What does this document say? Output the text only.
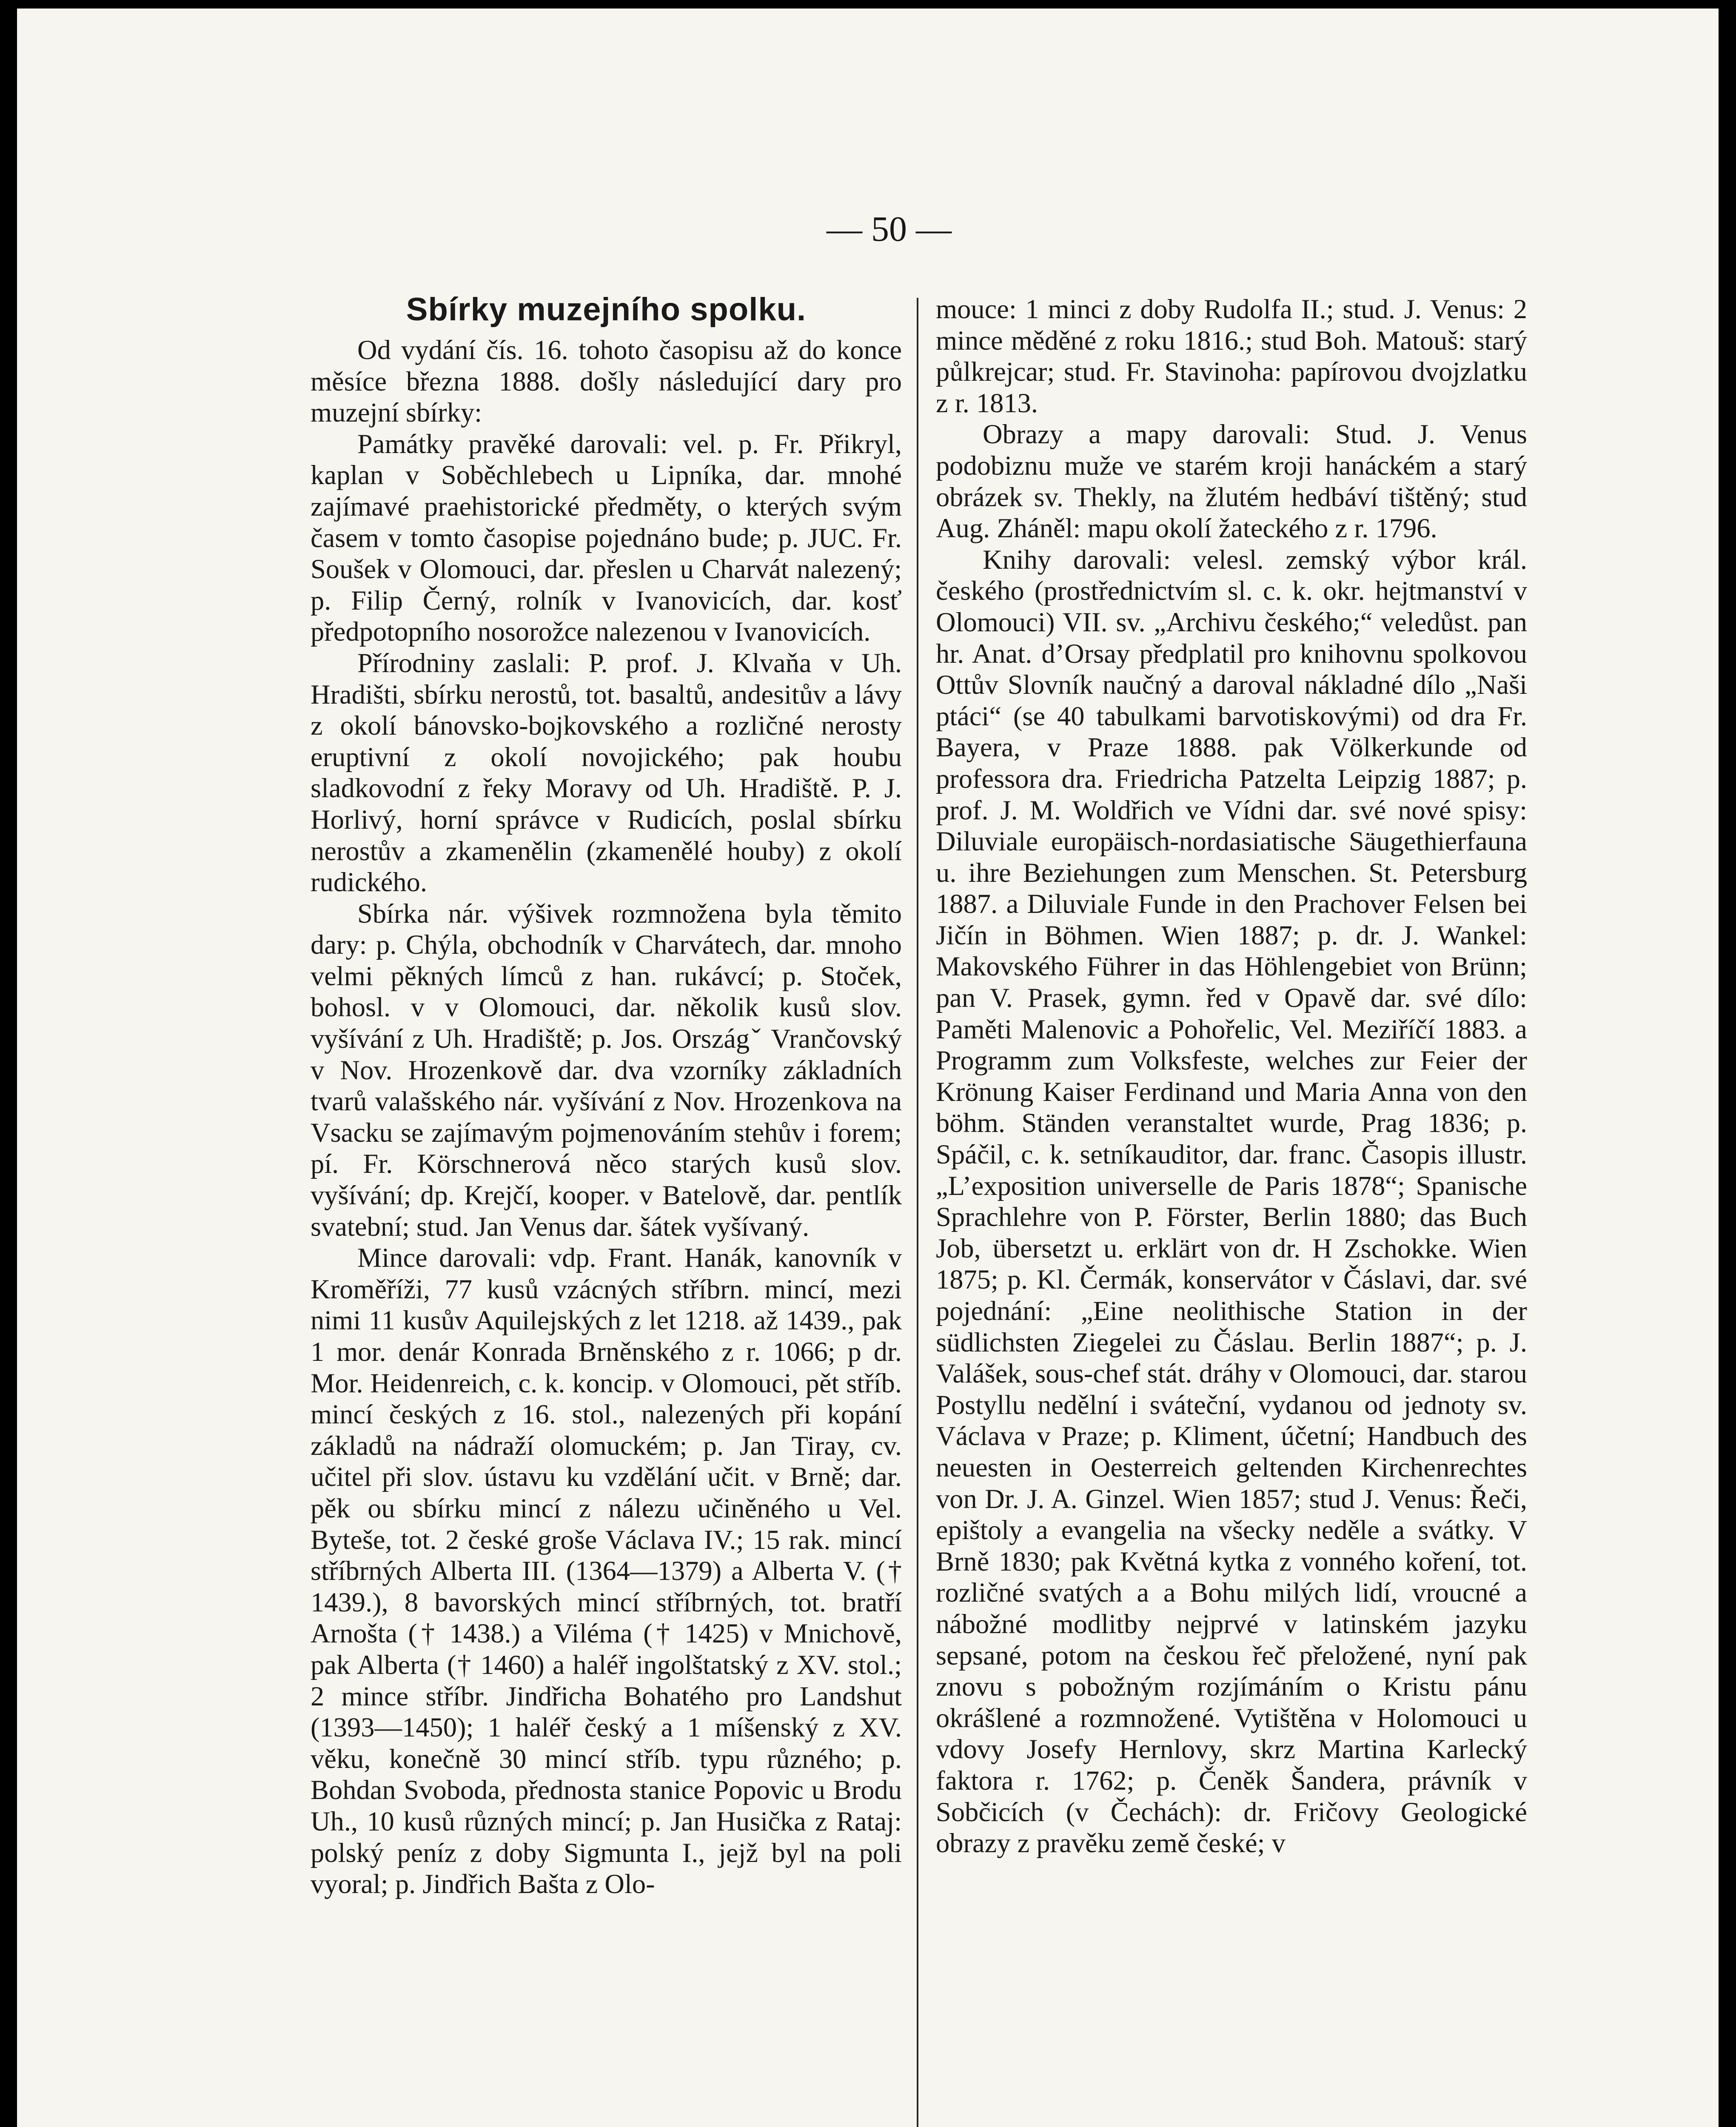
— 50 —
Sbírky muzejního spolku.

Od vydání čís. 16. tohoto časopisu až do konce měsíce března 1888. došly následující dary pro muzejní sbírky:

Památky pravěké darovali: vel. p. Fr. Přikryl, kaplan v Soběchlebech u Lipníka, dar. mnohé zajímavé praehistorické předměty, o kterých svým časem v tomto časopise pojednáno bude; p. JUC. Fr. Soušek v Olomouci, dar. přeslen u Charvát nalezený; p. Filip Černý, rolník v Ivanovicích, dar. kosť předpotopního nosorožce nalezenou v Ivanovicích.

Přírodniny zaslali: P. prof. J. Klvaňa v Uh. Hradišti, sbírku nerostů, tot. basaltů, andesitův a lávy z okolí bánovsko-bojkovského a rozličné nerosty eruptivní z okolí novojického; pak houbu sladkovodní z řeky Moravy od Uh. Hradiště. P. J. Horlivý, horní správce v Rudicích, poslal sbírku nerostův a zkamenělin (zkamenělé houby) z okolí rudického.

Sbírka nár. výšivek rozmnožena byla těmito dary: p. Chýla, obchodník v Charvátech, dar. mnoho velmi pěkných límců z han. rukávcí; p. Stoček, bohosl. v v Olomouci, dar. několik kusů slov. vyšívání z Uh. Hradiště; p. Jos. Országˇ Vrančovský v Nov. Hrozenkově dar. dva vzorníky základních tvarů valašského nár. vyšívání z Nov. Hrozenkova na Vsacku se zajímavým pojmenováním stehův i forem; pí. Fr. Körschnerová něco starých kusů slov. vyšívání; dp. Krejčí, kooper. v Batelově, dar. pentlík svatební; stud. Jan Venus dar. šátek vyšívaný.

Mince darovali: vdp. Frant. Hanák, kanovník v Kroměříži, 77 kusů vzácných stříbrn. mincí, mezi nimi 11 kusův Aquilejských z let 1218. až 1439., pak 1 mor. denár Konrada Brněnského z r. 1066; p dr. Mor. Heidenreich, c. k. koncip. v Olomouci, pět stříb. mincí českých z 16. stol., nalezených při kopání základů na nádraží olomuckém; p. Jan Tiray, cv. učitel při slov. ústavu ku vzdělání učit. v Brně; dar. pěk ou sbírku mincí z nálezu učiněného u Vel. Byteše, tot. 2 české groše Václava IV.; 15 rak. mincí stříbrných Alberta III. (1364—1379) a Alberta V. († 1439.), 8 bavorských mincí stříbrných, tot. bratří Arnošta († 1438.) a Viléma († 1425) v Mnichově, pak Alberta († 1460) a haléř ingolštatský z XV. stol.; 2 mince stříbr. Jindřicha Bohatého pro Landshut (1393—1450); 1 haléř český a 1 míšenský z XV. věku, konečně 30 mincí stříb. typu různého; p. Bohdan Svoboda, přednosta stanice Popovic u Brodu Uh., 10 kusů různých mincí; p. Jan Husička z Rataj: polský peníz z doby Sigmunta I., jejž byl na poli vyoral; p. Jindřich Bašta z Olo-

mouce: 1 minci z doby Rudolfa II.; stud. J. Venus: 2 mince měděné z roku 1816.; stud Boh. Matouš: starý půlkrejcar; stud. Fr. Stavinoha: papírovou dvojzlatku z r. 1813.

Obrazy a mapy darovali: Stud. J. Venus podobiznu muže ve starém kroji hanáckém a starý obrázek sv. Thekly, na žlutém hedbáví tištěný; stud Aug. Zháněl: mapu okolí žateckého z r. 1796.

Knihy darovali: velesl. zemský výbor král. českého (prostřednictvím sl. c. k. okr. hejtmanství v Olomouci) VII. sv. „Archivu českého;“ veledůst. pan hr. Anat. d’Orsay předplatil pro knihovnu spolkovou Ottův Slovník naučný a daroval nákladné dílo „Naši ptáci“ (se 40 tabulkami barvotiskovými) od dra Fr. Bayera, v Praze 1888. pak Völkerkunde od professora dra. Friedricha Patzelta Leipzig 1887; p. prof. J. M. Woldřich ve Vídni dar. své nové spisy: Diluviale europäisch-nordasiatische Säugethierfauna u. ihre Beziehungen zum Menschen. St. Petersburg 1887. a Diluviale Funde in den Prachover Felsen bei Jičín in Böhmen. Wien 1887; p. dr. J. Wankel: Makovského Führer in das Höhlengebiet von Brünn; pan V. Prasek, gymn. řed v Opavě dar. své dílo: Paměti Malenovic a Pohořelic, Vel. Meziříčí 1883. a Programm zum Volksfeste, welches zur Feier der Krönung Kaiser Ferdinand und Maria Anna von den böhm. Ständen veranstaltet wurde, Prag 1836; p. Spáčil, c. k. setníkauditor, dar. franc. Časopis illustr. „L’exposition universelle de Paris 1878“; Spanische Sprachlehre von P. Förster, Berlin 1880; das Buch Job, übersetzt u. erklärt von dr. H Zschokke. Wien 1875; p. Kl. Čermák, konservátor v Čáslavi, dar. své pojednání: „Eine neolithische Station in der südlichsten Ziegelei zu Čáslau. Berlin 1887“; p. J. Valášek, sous-chef stát. dráhy v Olomouci, dar. starou Postyllu nedělní i sváteční, vydanou od jednoty sv. Václava v Praze; p. Kliment, účetní; Handbuch des neuesten in Oesterreich geltenden Kirchenrechtes von Dr. J. A. Ginzel. Wien 1857; stud J. Venus: Řeči, epištoly a evangelia na všecky neděle a svátky. V Brně 1830; pak Květná kytka z vonného koření, tot. rozličné svatých a a Bohu milých lidí, vroucné a nábožné modlitby nejprvé v latinském jazyku sepsané, potom na českou řeč přeložené, nyní pak znovu s pobožným rozjímáním o Kristu pánu okrášlené a rozmnožené. Vytištěna v Holomouci u vdovy Josefy Hernlovy, skrz Martina Karlecký faktora r. 1762; p. Čeněk Šandera, právník v Sobčicích (v Čechách): dr. Fričovy Geologické obrazy z pravěku země české; v
